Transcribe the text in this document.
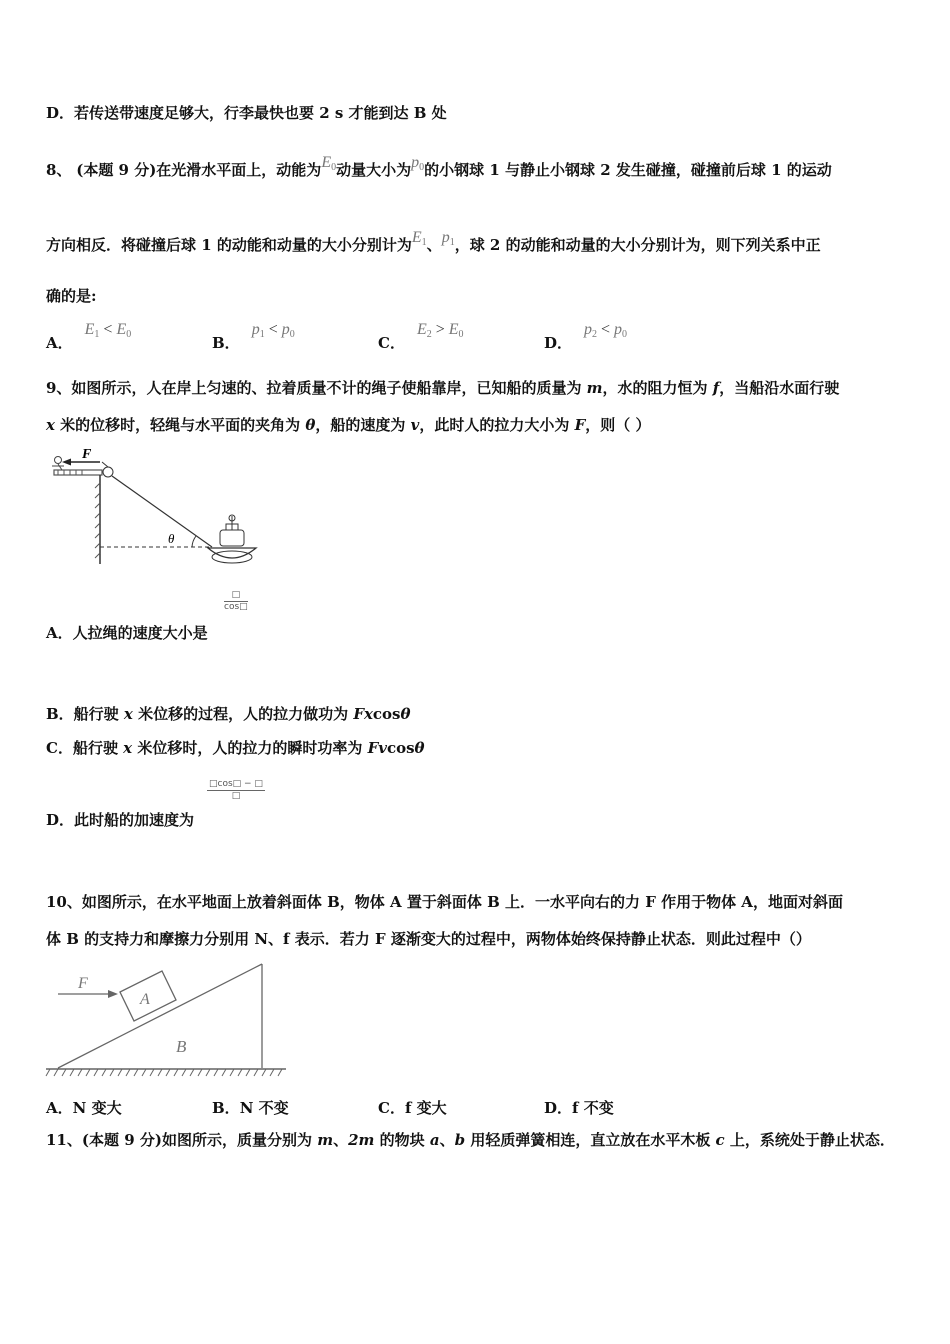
D．若传送带速度足够大，行李最快也要 2 s 才能到达 B 处
8、 (本题 9 分)在光滑水平面上，动能为$E_0$动量大小为$p_0$的小钢球 1 与静止小钢球 2 发生碰撞，碰撞前后球 1 的运动
方向相反．将碰撞后球 1 的动能和动量的大小分别计为$E_1$、$p_1$，球 2 的动能和动量的大小分别计为，则下列关系中正
确的是:
A．$E_1 < E_0$	B．$p_1 < p_0$	C．$E_2 > E_0$	D．$p_2 < p_0$
9、如图所示，人在岸上匀速的、拉着质量不计的绳子使船靠岸，已知船的质量为 m，水的阻力恒为 f，当船沿水面行驶
x 米的位移时，轻绳与水平面的夹角为 θ，船的速度为 v，此时人的拉力大小为 F，则（ ）
F
θ
A．人拉绳的速度大小是
□
cos□
B．船行驶 x 米位移的过程，人的拉力做功为 Fxcosθ
C．船行驶 x 米位移时，人的拉力的瞬时功率为 Fvcosθ
□cos□ − □
□
D．此时船的加速度为
10、如图所示，在水平地面上放着斜面体 B，物体 A 置于斜面体 B 上．一水平向右的力 F 作用于物体 A，地面对斜面
体 B 的支持力和摩擦力分别用 N、f 表示．若力 F 逐渐变大的过程中，两物体始终保持静止状态．则此过程中（）
A
F
B
A．N 变大	B．N 不变	C．f 变大	D．f 不变
11、(本题 9 分)如图所示，质量分别为 m、2m 的物块 a、b 用轻质弹簧相连，直立放在水平木板 c 上，系统处于静止状态．
